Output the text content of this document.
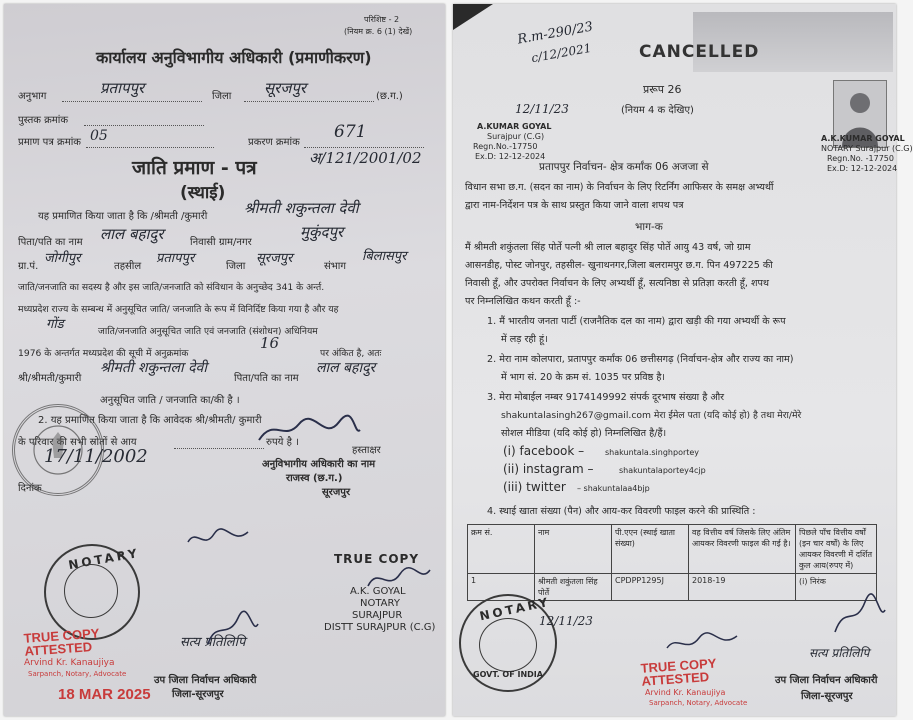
परिशिष्ट - 2
(नियम क्र. 6 (1) देखें)
कार्यालय अनुविभागीय अधिकारी (प्रमाणीकरण)
अनुभाग	प्रतापपुर	जिला सूरजपुर	(छ.ग.)
पुस्तक क्रमांक
प्रमाण पत्र क्रमांक 05	प्रकरण क्रमांक
671
जाति प्रमाण - पत्र	अ/121/2001/02
(स्थाई)
यह प्रमाणित किया जाता है कि /श्रीमती /कुमारी श्रीमती शकुन्तला देवी
पिता/पति का नाम लाल बहादुर	निवासी ग्राम/नगर
मुकुंदपुर
ग्रा.पं.
जोगीपुर
तहसील
प्रतापपुर
जिला
सूरजपुर
संभाग
बिलासपुर
जाति/जनजाति का सदस्य है और इस जाति/जनजाति को संविधान के अनुच्छेद 341 के अर्न्त.
मध्यप्रदेश राज्य के सम्बन्ध में अनुसूचित जाति/ जनजाति के रूप में विनिर्दिष्ट किया गया है और यह
गोंड	जाति/जनजाति अनुसूचित जाति एवं जनजाति (संशोधन) अधिनियम
1976 के अन्तर्गत मध्यप्रदेश की सूची में अनुक्रमांक
16
पर अंकित है, अतः
श्री/श्रीमती/कुमारी
श्रीमती शकुन्तला देवी
पिता/पति का नाम
लाल बहादुर
अनुसूचित जाति / जनजाति का/की है ।
2. यह प्रमाणित किया जाता है कि आवेदक श्री/श्रीमती/ कुमारी
के परिवार की सभी स्रोतों से आय	रुपये है ।
17/11/2002
दिनांक
हस्ताक्षर
अनुविभागीय अधिकारी का नाम
राजस्व (छ.ग.)
सूरजपुर
TRUE COPY
A.K. GOYAL
NOTARY
SURAJPUR
DISTT SURAJPUR (C.G)
NOTARY
TRUE COPY ATTESTED
Arvind Kr. Kanaujiya
Sarpanch, Notary, Advocate
18 MAR 2025
सत्य प्रतिलिपि
उप जिला निर्वाचन अधिकारी
जिला-सूरजपुर
R.m-290/23
c/12/2021	CANCELLED
प्ररूप 26
(नियम 4 क देखिए)
12/11/23
A.KUMAR GOYAL
Surajpur (C.G)
Regn.No.-17750
Ex.D: 12-12-2024
A.K.KUMAR GOYAL
NOTARY Surajpur (C.G)
Regn.No. -17750
Ex.D: 12-12-2024
प्रतापपुर निर्वाचन- क्षेत्र कर्मांक 06 अजजा से
विधान सभा छ.ग. (सदन का नाम) के निर्वाचन के लिए रिटर्निंग आफिसर के समक्ष अभ्यर्थी
द्वारा नाम-निर्देशन पत्र के साथ प्रस्तुत किया जाने वाला शपथ पत्र
भाग-क
मैं श्रीमती शकुंतला सिंह पोर्ते पत्नी श्री लाल बहादुर सिंह पोर्ते आयु 43 वर्ष, जो ग्राम
आसनडीह, पोस्ट जोनपुर, तहसील- खुनाथनगर,जिला बलरामपुर छ.ग. पिन 497225 की
निवासी हूँ, और उपरोक्त निर्वाचन के लिए अभ्यर्थी हूँ, सत्यनिष्ठा से प्रतिज्ञा करती हूँ, शपथ
पर निम्नलिखित कथन करती हूँ :-
1. मैं भारतीय जनता पार्टी (राजनैतिक दल का नाम) द्वारा खड़ी की गया अभ्यर्थी के रूप
में लड़ रही हूं।
2. मेरा नाम कोलपारा, प्रतापपुर कर्मांक 06 छत्तीसगढ़ (निर्वाचन-क्षेत्र और राज्य का नाम)
में भाग सं. 20 के क्रम सं. 1035 पर प्रविष्ठ है।
3. मेरा मोबाईल नम्बर 9174149992 संपर्क दूरभाष संख्या है और
shakuntalasingh267@gmail.com मेरा ईमेल पता (यदि कोई हो) है तथा मेरा/मेरे
सोशल मीडिया (यदि कोई हो) निम्नलिखित है/हैं।
(i) facebook –	shakuntala.singhportey
(ii) instagram –	shakuntalaporteу4cjp
(iii) twitter – shakuntalaa4bjp
4. स्थाई खाता संख्या (पैन) और आय-कर विवरणी फाइल करने की प्रास्थिति :
क्रम सं.	नाम	पी.एएन (स्थाई खाता संख्या)	वह वित्तीय वर्ष जिसके लिए अंतिम आयकर विवरणी फाइल की गई है।	पिछले पाँच वित्तीय वर्षों (इन चार वर्षों) के लिए आयकर विवरणी में दर्शित कुल आय(रुपए में)
1	श्रीमती शकुंतला सिंह पोर्ते	CPDPP1295J	2018-19	(i) निरंक
NOTARY
GOVT. OF INDIA
12/11/23
TRUE COPY ATTESTED
Arvind Kr. Kanaujiya
Sarpanch, Notary, Advocate
सत्य प्रतिलिपि
उप जिला निर्वाचन अधिकारी
जिला-सूरजपुर
